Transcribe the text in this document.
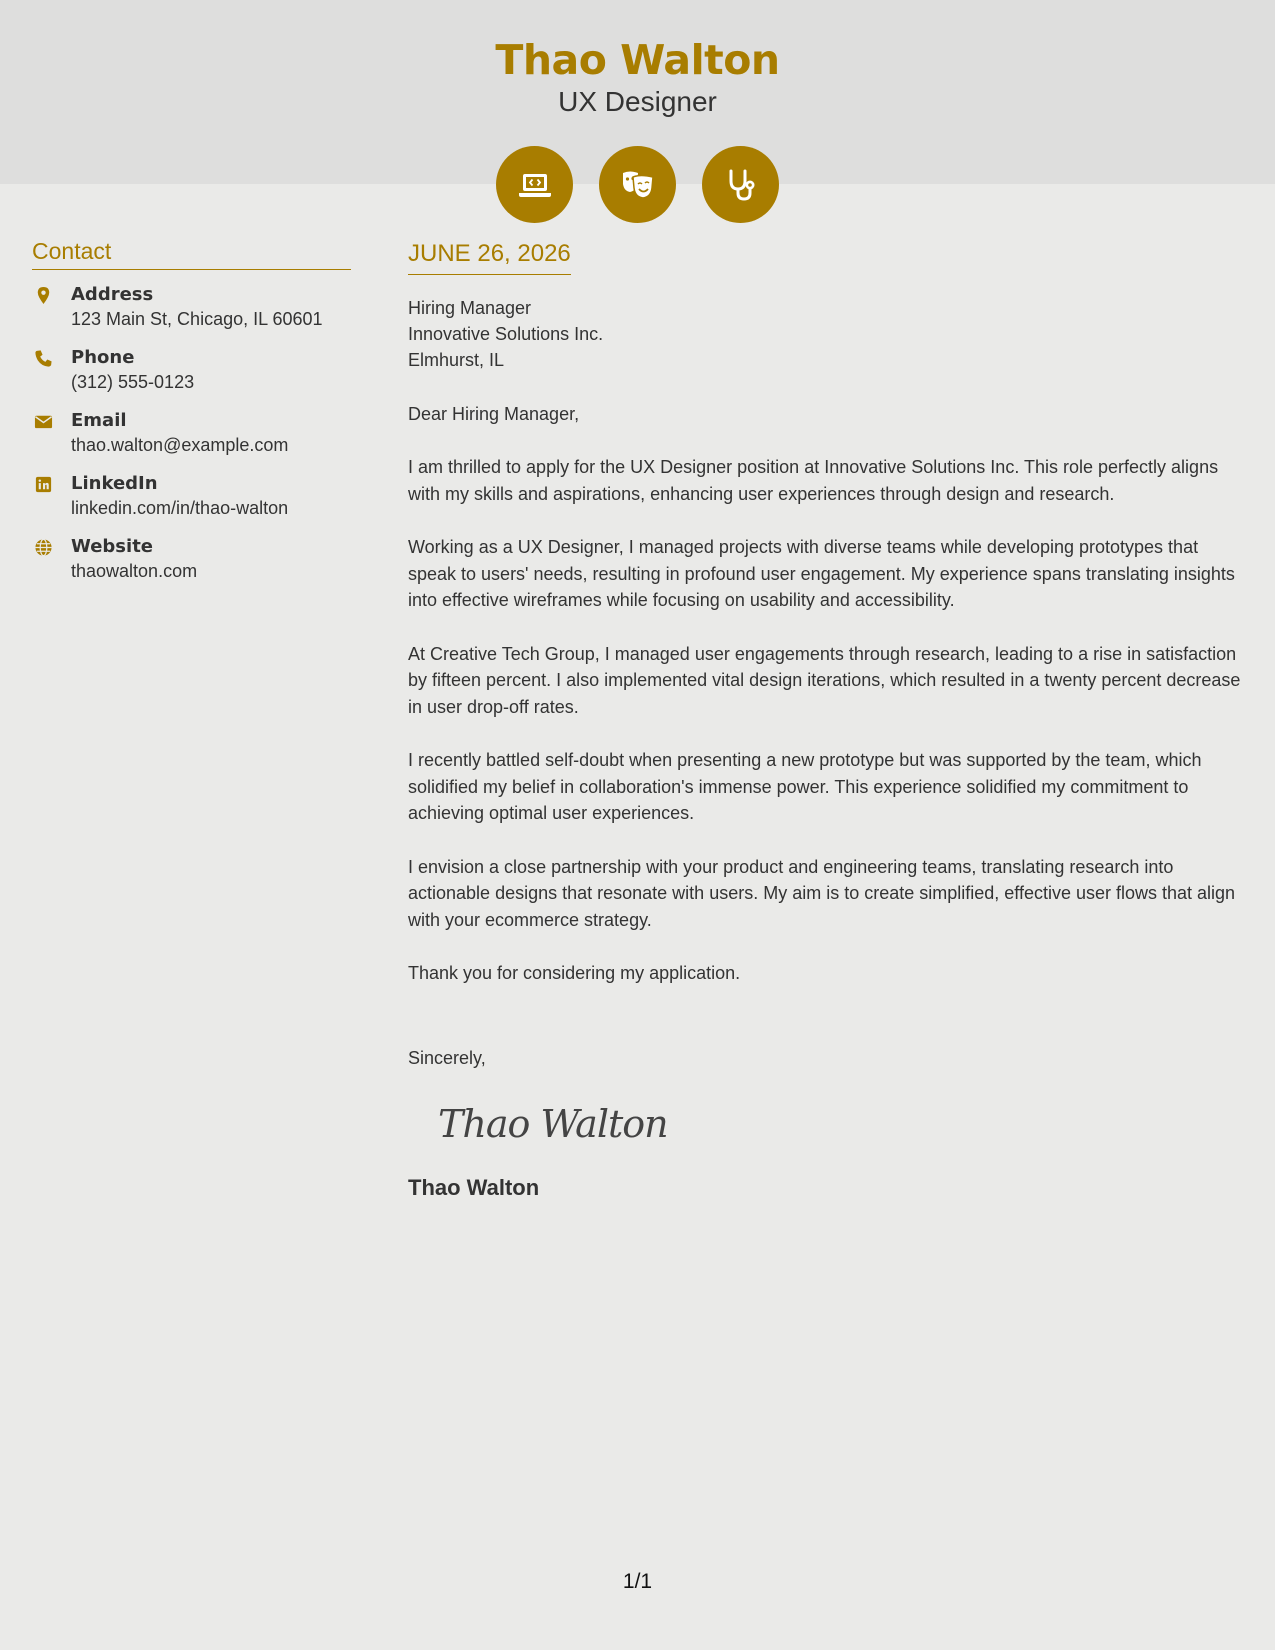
Thao Walton
UX Designer
Contact
Address
123 Main St, Chicago, IL 60601
Phone
(312) 555-0123
Email
thao.walton@example.com
LinkedIn
linkedin.com/in/thao-walton
Website
thaowalton.com
JUNE 26, 2026
Hiring Manager
Innovative Solutions Inc.
Elmhurst, IL
Dear Hiring Manager,

I am thrilled to apply for the UX Designer position at Innovative Solutions Inc. This role perfectly aligns with my skills and aspirations, enhancing user experiences through design and research.

Working as a UX Designer, I managed projects with diverse teams while developing prototypes that speak to users' needs, resulting in profound user engagement. My experience spans translating insights into effective wireframes while focusing on usability and accessibility.

At Creative Tech Group, I managed user engagements through research, leading to a rise in satisfaction by fifteen percent. I also implemented vital design iterations, which resulted in a twenty percent decrease in user drop-off rates.

I recently battled self-doubt when presenting a new prototype but was supported by the team, which solidified my belief in collaboration's immense power. This experience solidified my commitment to achieving optimal user experiences.

I envision a close partnership with your product and engineering teams, translating research into actionable designs that resonate with users. My aim is to create simplified, effective user flows that align with your ecommerce strategy.

Thank you for considering my application.

Sincerely,
Thao Walton
Thao Walton
1/1
